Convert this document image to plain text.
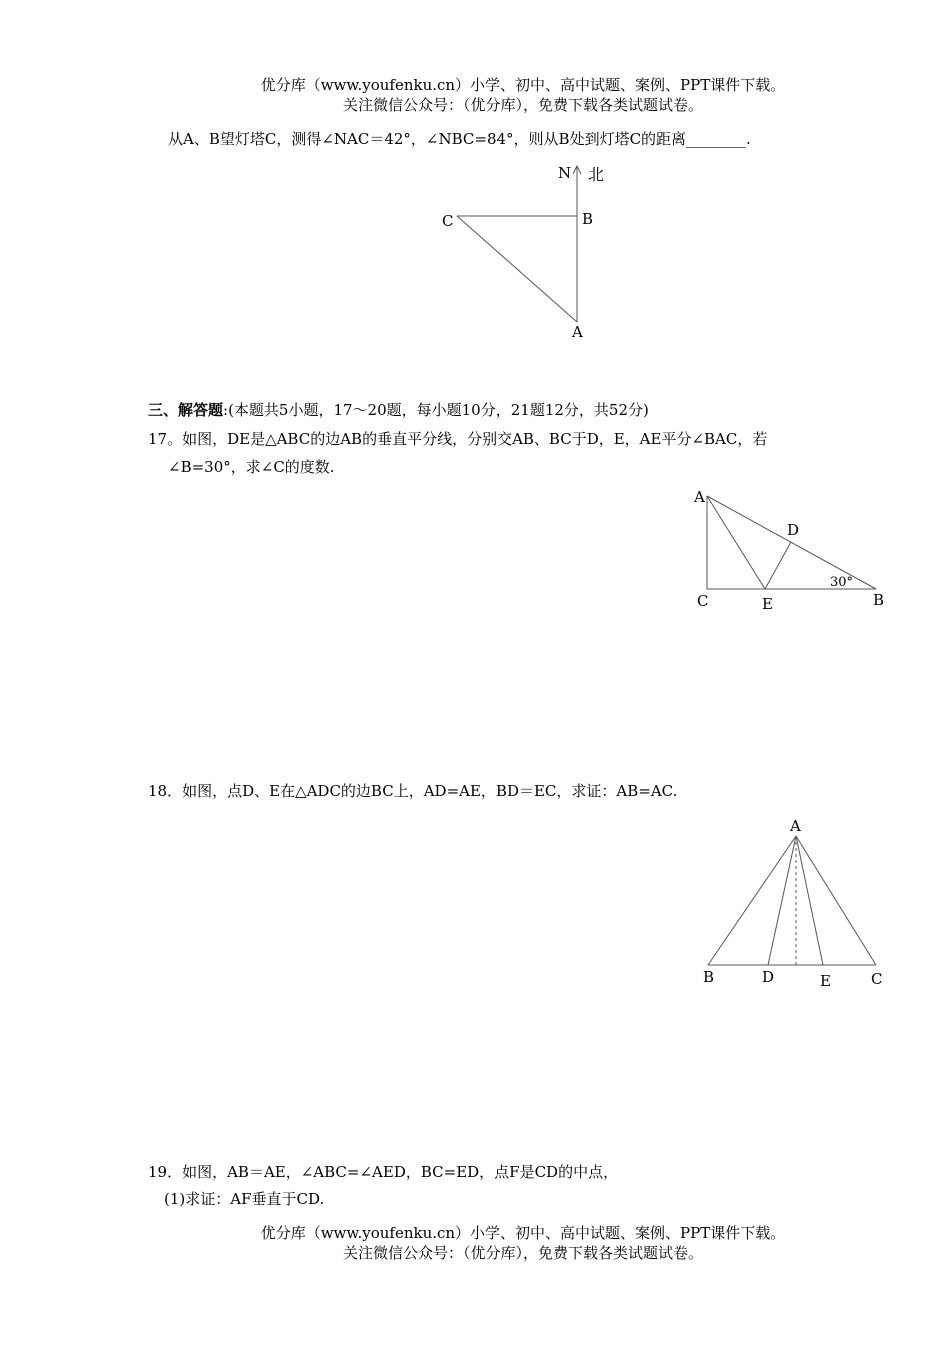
优分库（www.youfenku.cn）小学、初中、高中试题、案例、PPT课件下载。
关注微信公众号：（优分库），免费下载各类试题试卷。
从A、B望灯塔C，测得∠NAC＝42°，∠NBC=84°，则从B处到灯塔C的距离________.
N 北
C	B
A
三、解答题:(本题共5小题，17～20题，每小题10分，21题12分，共52分)
17。如图，DE是△ABC的边AB的垂直平分线，分别交AB、BC于D，E，AE平分∠BAC，若
∠B=30°，求∠C的度数.
A
D
C	E	B
30°
18．如图，点D、E在△ADC的边BC上，AD=AE，BD＝EC，求证：AB=AC.
A
B	D	E	C
19．如图，AB＝AE，∠ABC=∠AED，BC=ED，点F是CD的中点，
(1)求证：AF垂直于CD.
优分库（www.youfenku.cn）小学、初中、高中试题、案例、PPT课件下载。
关注微信公众号：（优分库），免费下载各类试题试卷。
